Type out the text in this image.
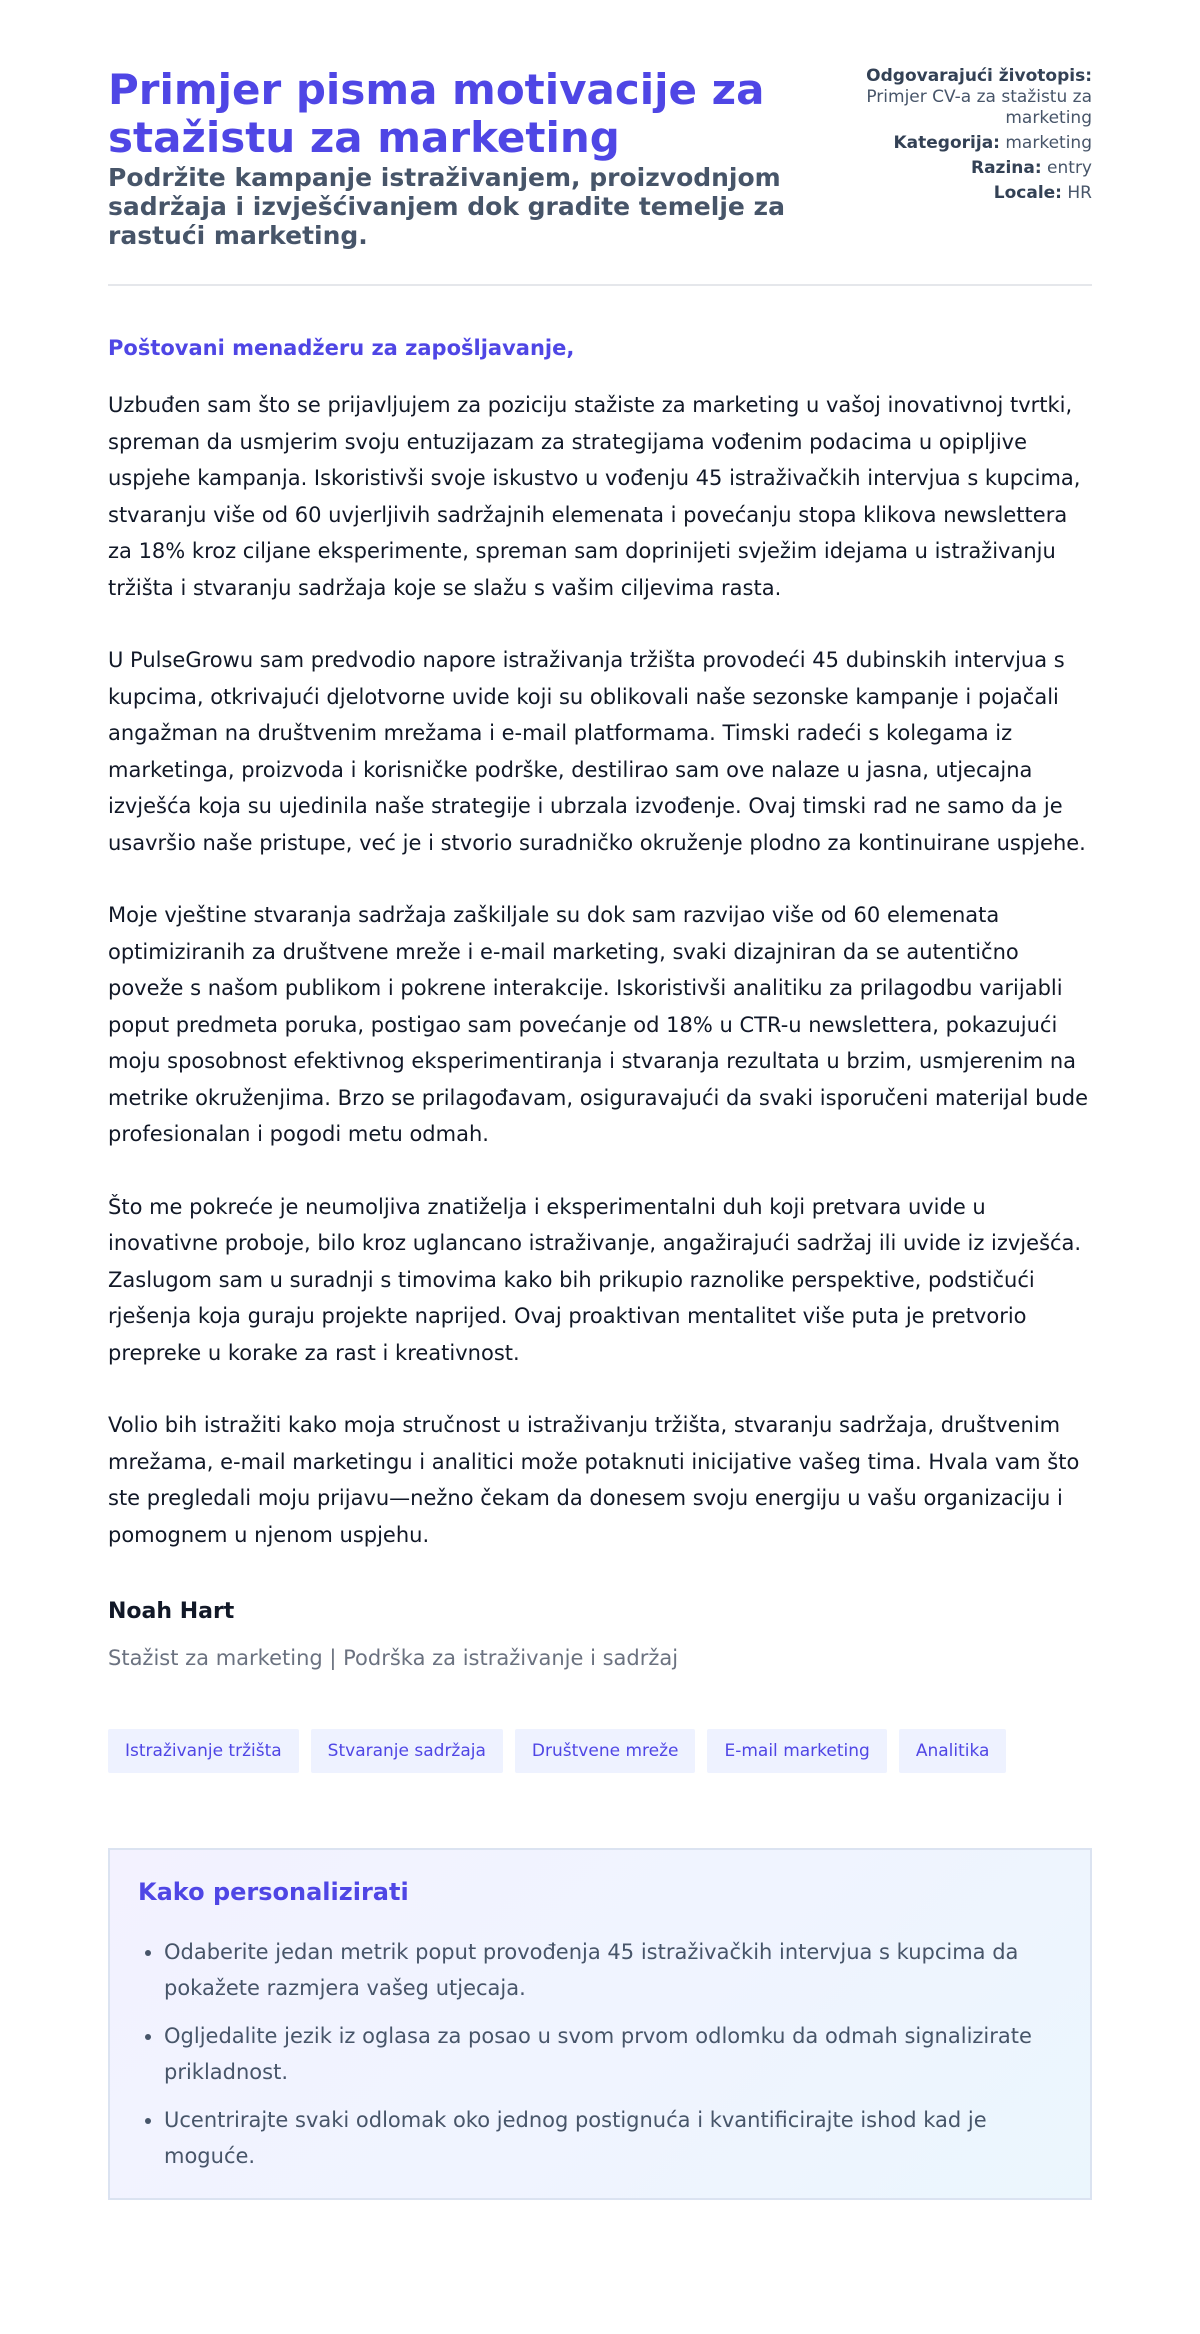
Primjer pisma motivacije za stažistu za marketing

Podržite kampanje istraživanjem, proizvodnjom sadržaja i izvješćivanjem dok gradite temelje za rastući marketing.

Odgovarajući životopis:
Primjer CV-a za stažistu za marketing

Kategorija: marketing

Razina: entry

Locale: HR

Poštovani menadžeru za zapošljavanje,

Uzbuđen sam što se prijavljujem za poziciju stažiste za marketing u vašoj inovativnoj tvrtki, spreman da usmjerim svoju entuzijazam za strategijama vođenim podacima u opipljive uspjehe kampanja. Iskoristivši svoje iskustvo u vođenju 45 istraživačkih intervjua s kupcima, stvaranju više od 60 uvjerljivih sadržajnih elemenata i povećanju stopa klikova newslettera za 18% kroz ciljane eksperimente, spreman sam doprinijeti svježim idejama u istraživanju tržišta i stvaranju sadržaja koje se slažu s vašim ciljevima rasta.

U PulseGrowu sam predvodio napore istraživanja tržišta provodeći 45 dubinskih intervjua s kupcima, otkrivajući djelotvorne uvide koji su oblikovali naše sezonske kampanje i pojačali angažman na društvenim mrežama i e-mail platformama. Timski radeći s kolegama iz marketinga, proizvoda i korisničke podrške, destilirao sam ove nalaze u jasna, utjecajna izvješća koja su ujedinila naše strategije i ubrzala izvođenje. Ovaj timski rad ne samo da je usavršio naše pristupe, već je i stvorio suradničko okruženje plodno za kontinuirane uspjehe.

Moje vještine stvaranja sadržaja zaškiljale su dok sam razvijao više od 60 elemenata optimiziranih za društvene mreže i e-mail marketing, svaki dizajniran da se autentično poveže s našom publikom i pokrene interakcije. Iskoristivši analitiku za prilagodbu varijabli poput predmeta poruka, postigao sam povećanje od 18% u CTR-u newslettera, pokazujući moju sposobnost efektivnog eksperimentiranja i stvaranja rezultata u brzim, usmjerenim na metrike okruženjima. Brzo se prilagođavam, osiguravajući da svaki isporučeni materijal bude profesionalan i pogodi metu odmah.

Što me pokreće je neumoljiva znatiželja i eksperimentalni duh koji pretvara uvide u inovativne proboje, bilo kroz uglancano istraživanje, angažirajući sadržaj ili uvide iz izvješća. Zaslugom sam u suradnji s timovima kako bih prikupio raznolike perspektive, podstičući rješenja koja guraju projekte naprijed. Ovaj proaktivan mentalitet više puta je pretvorio prepreke u korake za rast i kreativnost.

Volio bih istražiti kako moja stručnost u istraživanju tržišta, stvaranju sadržaja, društvenim mrežama, e-mail marketingu i analitici može potaknuti inicijative vašeg tima. Hvala vam što ste pregledali moju prijavu—nežno čekam da donesem svoju energiju u vašu organizaciju i pomognem u njenom uspjehu.

Noah Hart

Stažist za marketing | Podrška za istraživanje i sadržaj

Istraživanje tržišta	Stvaranje sadržaja	Društvene mreže	E-mail marketing	Analitika
Kako personalizirati
• Odaberite jedan metrik poput provođenja 45 istraživačkih intervjua s kupcima da pokažete razmjera vašeg utjecaja.
• Ogljedalite jezik iz oglasa za posao u svom prvom odlomku da odmah signalizirate prikladnost.
• Ucentrirajte svaki odlomak oko jednog postignuća i kvantificirajte ishod kad je moguće.
